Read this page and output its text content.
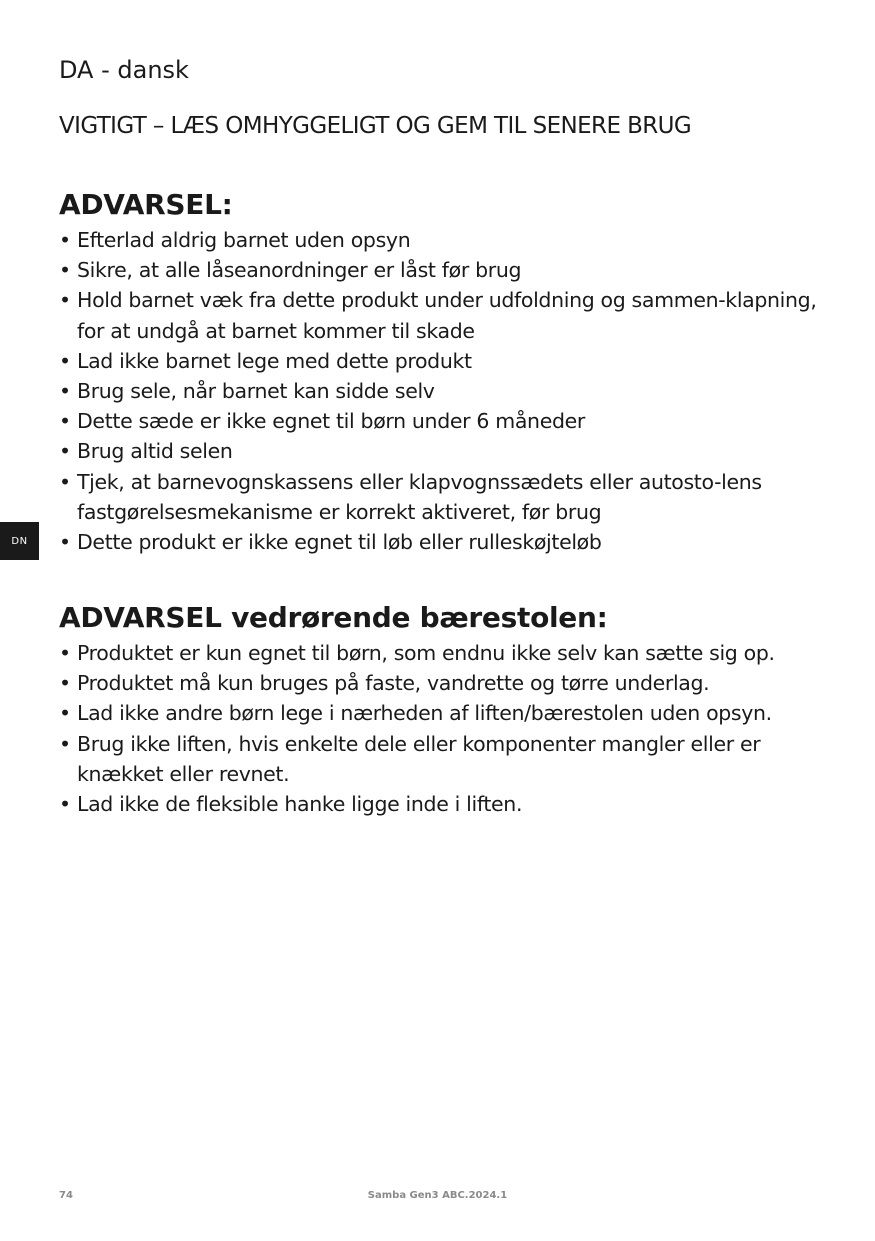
DA - dansk
VIGTIGT – LÆS OMHYGGELIGT OG GEM TIL SENERE BRUG
ADVARSEL:
• Efterlad aldrig barnet uden opsyn
• Sikre, at alle låseanordninger er låst før brug
• Hold barnet væk fra dette produkt under udfoldning og sammen-klapning, for at undgå at barnet kommer til skade
• Lad ikke barnet lege med dette produkt
• Brug sele, når barnet kan sidde selv
• Dette sæde er ikke egnet til børn under 6 måneder
• Brug altid selen
• Tjek, at barnevognskassens eller klapvognssædets eller autosto-lens fastgørelsesmekanisme er korrekt aktiveret, før brug
• Dette produkt er ikke egnet til løb eller rulleskøjteløb
ADVARSEL vedrørende bærestolen:
• Produktet er kun egnet til børn, som endnu ikke selv kan sætte sig op.
• Produktet må kun bruges på faste, vandrette og tørre underlag.
• Lad ikke andre børn lege i nærheden af liften/bærestolen uden opsyn.
• Brug ikke liften, hvis enkelte dele eller komponenter mangler eller er knækket eller revnet.
• Lad ikke de fleksible hanke ligge inde i liften.
DN
Samba Gen3 ABC.2024.1
74
